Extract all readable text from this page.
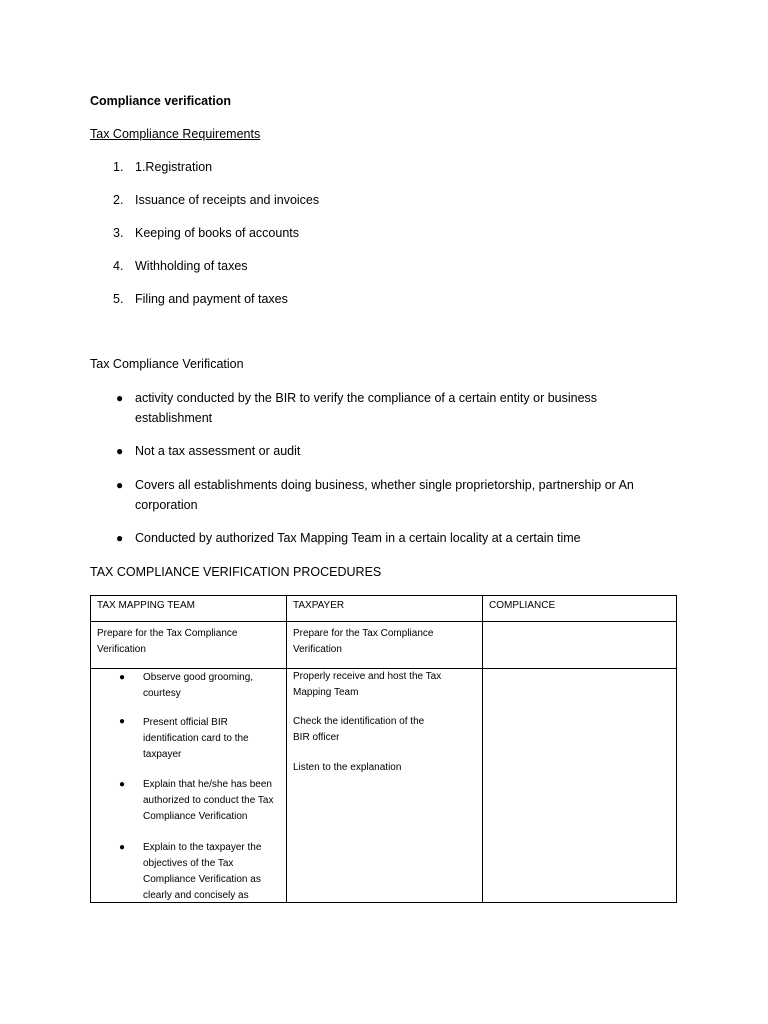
Compliance verification
Tax Compliance Requirements
1. 1.Registration
2. Issuance of receipts and invoices
3. Keeping of books of accounts
4. Withholding of taxes
5. Filing and payment of taxes
Tax Compliance Verification
● activity conducted by the BIR to verify the compliance of a certain entity or business establishment
● Not a tax assessment or audit
● Covers all establishments doing business, whether single proprietorship, partnership or An corporation
● Conducted by authorized Tax Mapping Team in a certain locality at a certain time
TAX COMPLIANCE VERIFICATION PROCEDURES
TAX MAPPING TEAM	TAXPAYER	COMPLIANCE
Prepare for the Tax Compliance Verification
Prepare for the Tax Compliance Verification
● Observe good grooming, courtesy
● Present official BIR identification card to the taxpayer
● Explain that he/she has been authorized to conduct the Tax Compliance Verification
● Explain to the taxpayer the objectives of the Tax Compliance Verification as clearly and concisely as
Properly receive and host the Tax Mapping Team
Check the identification of the BIR officer
Listen to the explanation
